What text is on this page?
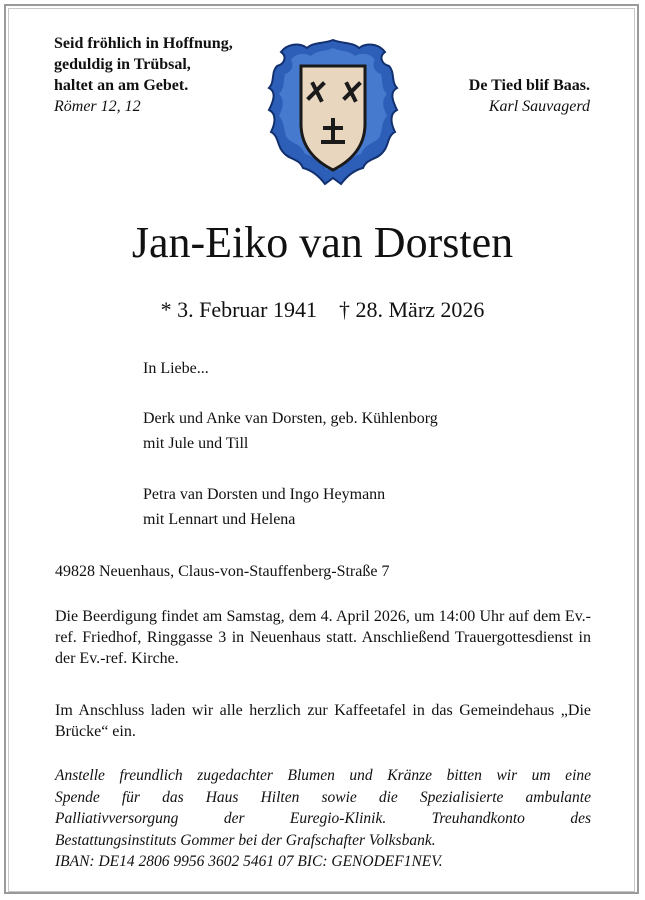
Seid fröhlich in Hoffnung,
geduldig in Trübsal,
haltet an am Gebet.
Römer 12, 12
De Tied blif Baas.
Karl Sauvagerd
Jan-Eiko van Dorsten
* 3. Februar 1941 † 28. März 2026
In Liebe...
Derk und Anke van Dorsten, geb. Kühlenborg
mit Jule und Till
Petra van Dorsten und Ingo Heymann
mit Lennart und Helena
49828 Neuenhaus, Claus-von-Stauffenberg-Straße 7

Die Beerdigung findet am Samstag, dem 4. April 2026, um 14:00 Uhr auf dem Ev.-ref. Friedhof, Ringgasse 3 in Neuenhaus statt. Anschließend Trauergottesdienst in der Ev.-ref. Kirche.

Im Anschluss laden wir alle herzlich zur Kaffeetafel in das Gemeindehaus „Die Brücke“ ein.

Anstelle freundlich zugedachter Blumen und Kränze bitten wir um eine
Spende für das Haus Hilten sowie die Spezialisierte ambulante
Palliativversorgung der Euregio-Klinik. Treuhandkonto des
Bestattungsinstituts Gommer bei der Grafschafter Volksbank.
IBAN: DE14 2806 9956 3602 5461 07 BIC: GENODEF1NEV.
